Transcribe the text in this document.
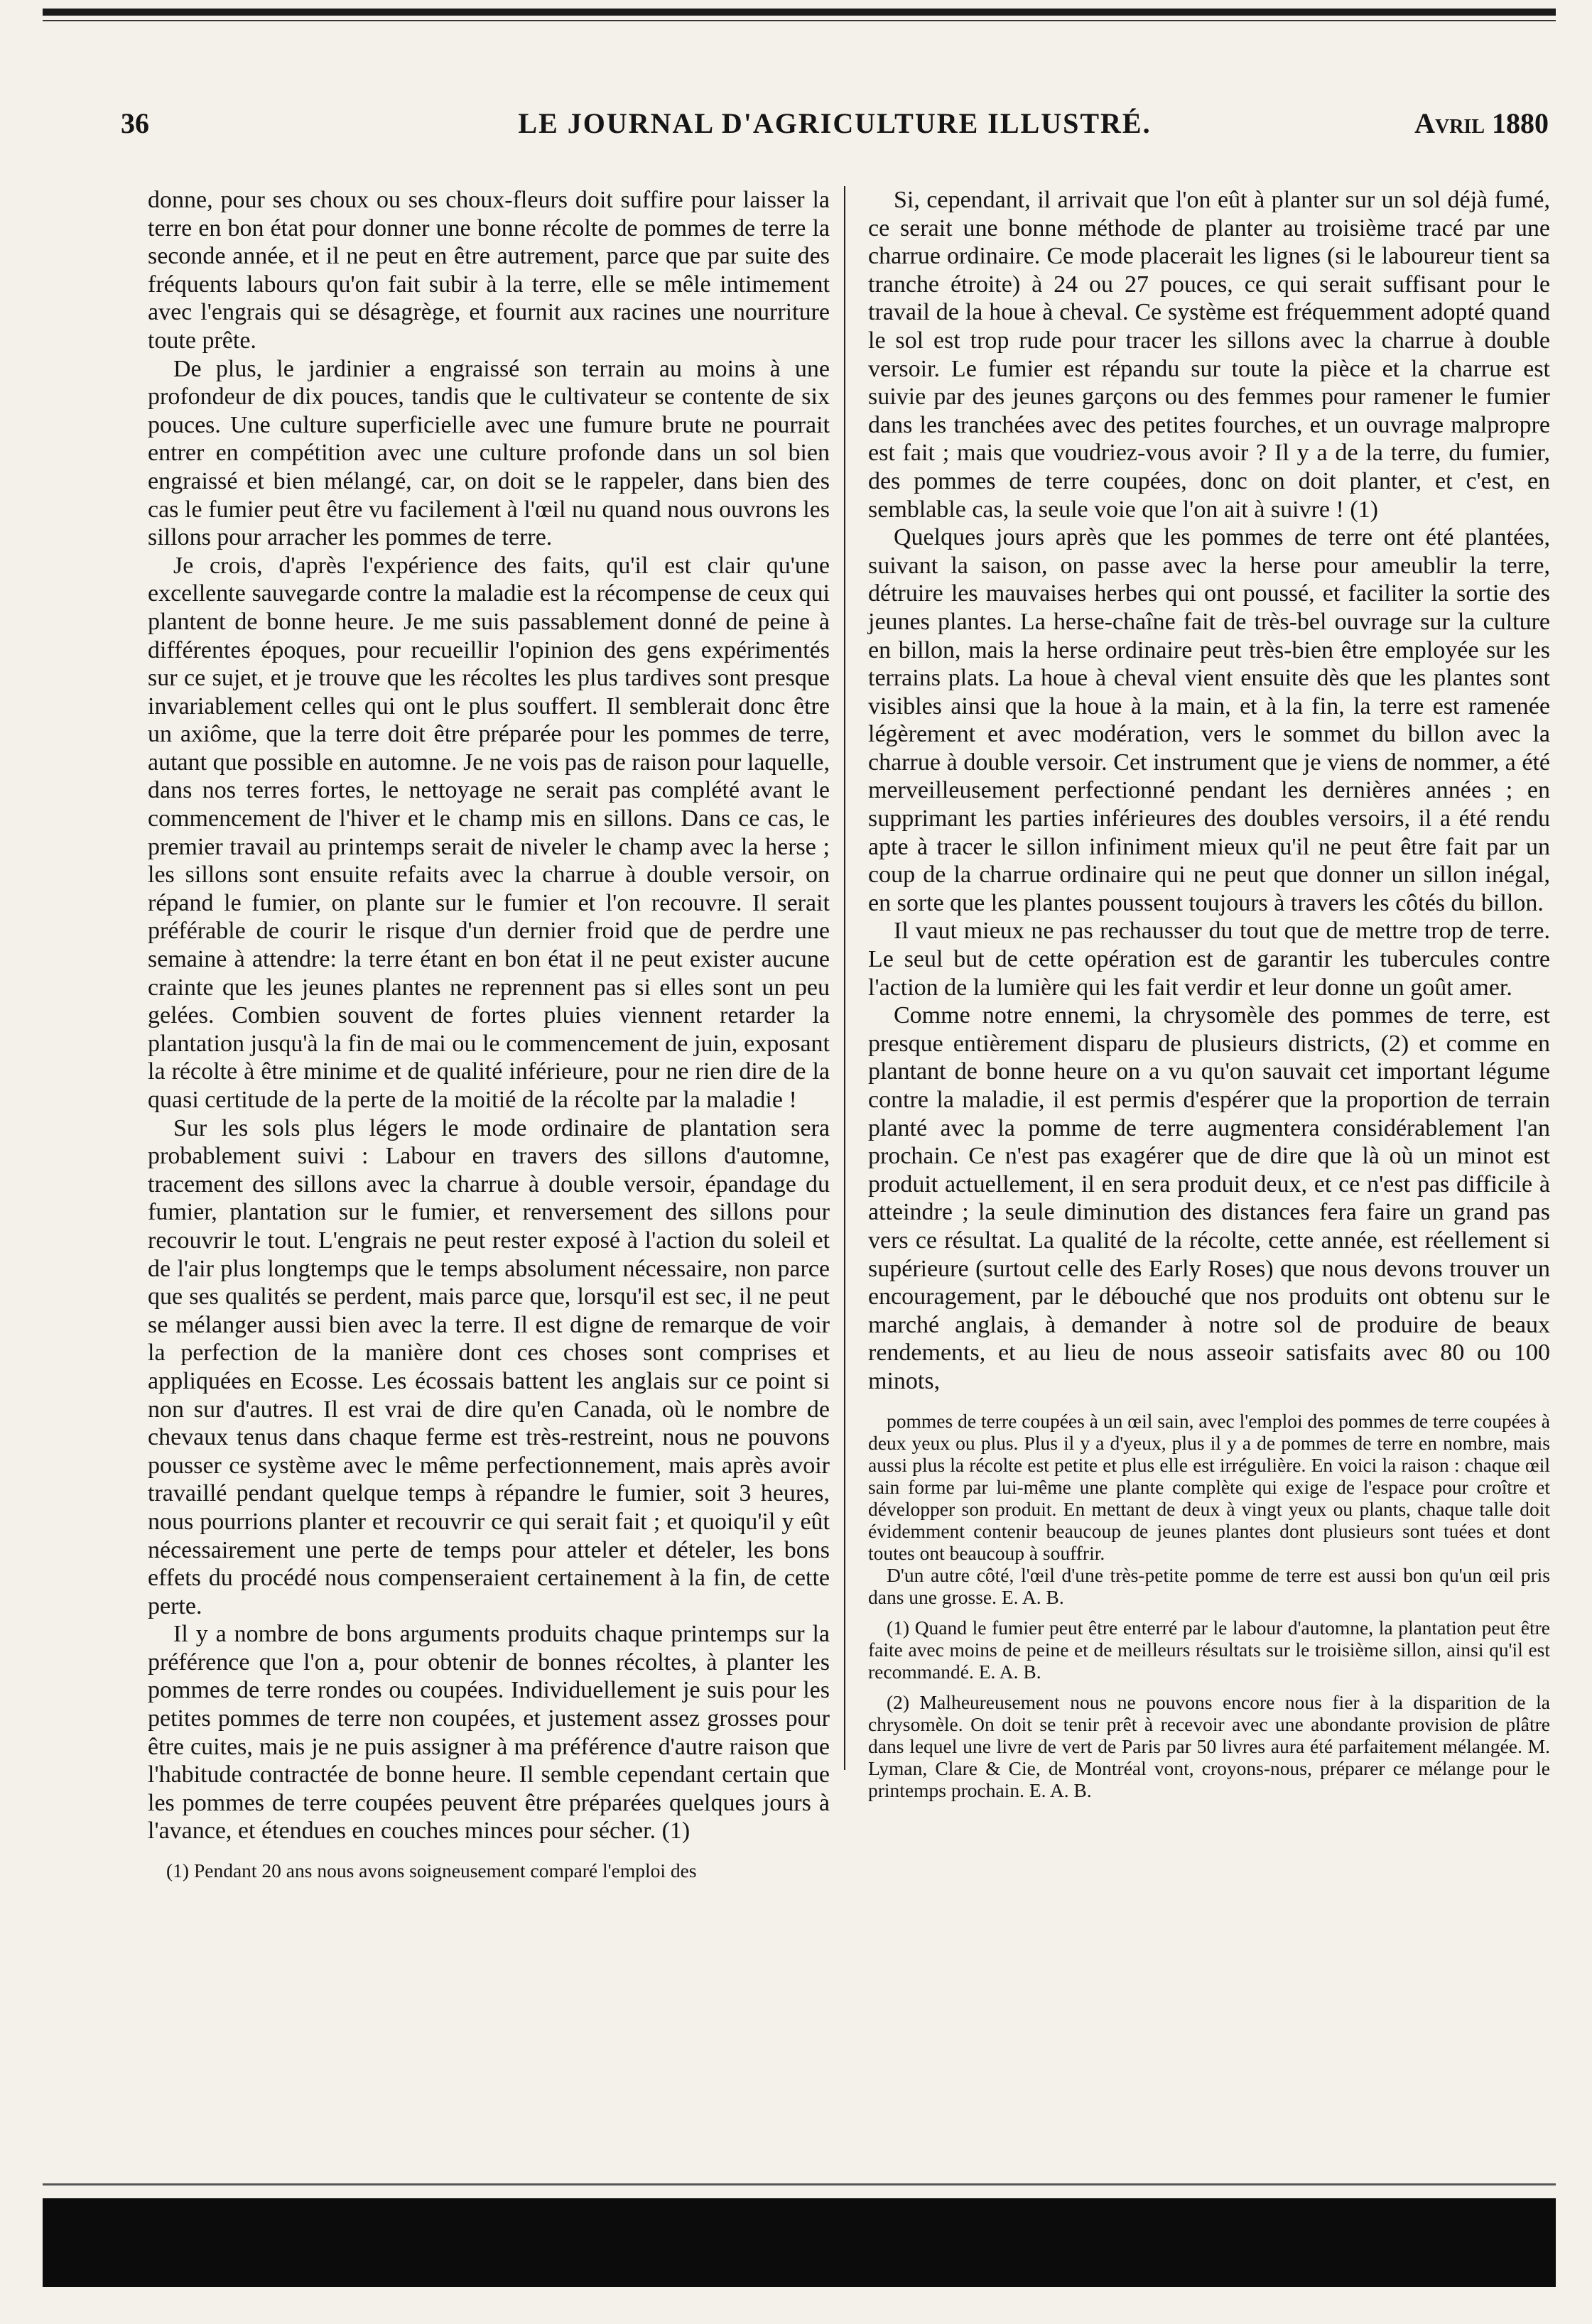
36	LE JOURNAL D'AGRICULTURE ILLUSTRÉ.	Avril 1880

donne, pour ses choux ou ses choux-fleurs doit suffire pour laisser la terre en bon état pour donner une bonne récolte de pommes de terre la seconde année, et il ne peut en être autrement, parce que par suite des fréquents labours qu'on fait subir à la terre, elle se mêle intimement avec l'engrais qui se désagrège, et fournit aux racines une nourriture toute prête.

De plus, le jardinier a engraissé son terrain au moins à une profondeur de dix pouces, tandis que le cultivateur se contente de six pouces. Une culture superficielle avec une fumure brute ne pourrait entrer en compétition avec une culture profonde dans un sol bien engraissé et bien mélangé, car, on doit se le rappeler, dans bien des cas le fumier peut être vu facilement à l'œil nu quand nous ouvrons les sillons pour arracher les pommes de terre.

Je crois, d'après l'expérience des faits, qu'il est clair qu'une excellente sauvegarde contre la maladie est la récompense de ceux qui plantent de bonne heure. Je me suis passablement donné de peine à différentes époques, pour recueillir l'opinion des gens expérimentés sur ce sujet, et je trouve que les récoltes les plus tardives sont presque invariablement celles qui ont le plus souffert. Il semblerait donc être un axiôme, que la terre doit être préparée pour les pommes de terre, autant que possible en automne. Je ne vois pas de raison pour laquelle, dans nos terres fortes, le nettoyage ne serait pas complété avant le commencement de l'hiver et le champ mis en sillons. Dans ce cas, le premier travail au printemps serait de niveler le champ avec la herse ; les sillons sont ensuite refaits avec la charrue à double versoir, on répand le fumier, on plante sur le fumier et l'on recouvre. Il serait préférable de courir le risque d'un dernier froid que de perdre une semaine à attendre: la terre étant en bon état il ne peut exister aucune crainte que les jeunes plantes ne reprennent pas si elles sont un peu gelées. Combien souvent de fortes pluies viennent retarder la plantation jusqu'à la fin de mai ou le commencement de juin, exposant la récolte à être minime et de qualité inférieure, pour ne rien dire de la quasi certitude de la perte de la moitié de la récolte par la maladie !

Sur les sols plus légers le mode ordinaire de plantation sera probablement suivi : Labour en travers des sillons d'automne, tracement des sillons avec la charrue à double versoir, épandage du fumier, plantation sur le fumier, et renversement des sillons pour recouvrir le tout. L'engrais ne peut rester exposé à l'action du soleil et de l'air plus longtemps que le temps absolument nécessaire, non parce que ses qualités se perdent, mais parce que, lorsqu'il est sec, il ne peut se mélanger aussi bien avec la terre. Il est digne de remarque de voir la perfection de la manière dont ces choses sont comprises et appliquées en Ecosse. Les écossais battent les anglais sur ce point si non sur d'autres. Il est vrai de dire qu'en Canada, où le nombre de chevaux tenus dans chaque ferme est très-restreint, nous ne pouvons pousser ce système avec le même perfectionnement, mais après avoir travaillé pendant quelque temps à répandre le fumier, soit 3 heures, nous pourrions planter et recouvrir ce qui serait fait ; et quoiqu'il y eût nécessairement une perte de temps pour atteler et dételer, les bons effets du procédé nous compenseraient certainement à la fin, de cette perte.

Il y a nombre de bons arguments produits chaque printemps sur la préférence que l'on a, pour obtenir de bonnes récoltes, à planter les pommes de terre rondes ou coupées. Individuellement je suis pour les petites pommes de terre non coupées, et justement assez grosses pour être cuites, mais je ne puis assigner à ma préférence d'autre raison que l'habitude contractée de bonne heure. Il semble cependant certain que les pommes de terre coupées peuvent être préparées quelques jours à l'avance, et étendues en couches minces pour sécher. (1)

(1) Pendant 20 ans nous avons soigneusement comparé l'emploi des

Si, cependant, il arrivait que l'on eût à planter sur un sol déjà fumé, ce serait une bonne méthode de planter au troisième tracé par une charrue ordinaire. Ce mode placerait les lignes (si le laboureur tient sa tranche étroite) à 24 ou 27 pouces, ce qui serait suffisant pour le travail de la houe à cheval. Ce système est fréquemment adopté quand le sol est trop rude pour tracer les sillons avec la charrue à double versoir. Le fumier est répandu sur toute la pièce et la charrue est suivie par des jeunes garçons ou des femmes pour ramener le fumier dans les tranchées avec des petites fourches, et un ouvrage malpropre est fait ; mais que voudriez-vous avoir ? Il y a de la terre, du fumier, des pommes de terre coupées, donc on doit planter, et c'est, en semblable cas, la seule voie que l'on ait à suivre ! (1)

Quelques jours après que les pommes de terre ont été plantées, suivant la saison, on passe avec la herse pour ameublir la terre, détruire les mauvaises herbes qui ont poussé, et faciliter la sortie des jeunes plantes. La herse-chaîne fait de très-bel ouvrage sur la culture en billon, mais la herse ordinaire peut très-bien être employée sur les terrains plats. La houe à cheval vient ensuite dès que les plantes sont visibles ainsi que la houe à la main, et à la fin, la terre est ramenée légèrement et avec modération, vers le sommet du billon avec la charrue à double versoir. Cet instrument que je viens de nommer, a été merveilleusement perfectionné pendant les dernières années ; en supprimant les parties inférieures des doubles versoirs, il a été rendu apte à tracer le sillon infiniment mieux qu'il ne peut être fait par un coup de la charrue ordinaire qui ne peut que donner un sillon inégal, en sorte que les plantes poussent toujours à travers les côtés du billon.

Il vaut mieux ne pas rechausser du tout que de mettre trop de terre. Le seul but de cette opération est de garantir les tubercules contre l'action de la lumière qui les fait verdir et leur donne un goût amer.

Comme notre ennemi, la chrysomèle des pommes de terre, est presque entièrement disparu de plusieurs districts, (2) et comme en plantant de bonne heure on a vu qu'on sauvait cet important légume contre la maladie, il est permis d'espérer que la proportion de terrain planté avec la pomme de terre augmentera considérablement l'an prochain. Ce n'est pas exagérer que de dire que là où un minot est produit actuellement, il en sera produit deux, et ce n'est pas difficile à atteindre ; la seule diminution des distances fera faire un grand pas vers ce résultat. La qualité de la récolte, cette année, est réellement si supérieure (surtout celle des Early Roses) que nous devons trouver un encouragement, par le débouché que nos produits ont obtenu sur le marché anglais, à demander à notre sol de produire de beaux rendements, et au lieu de nous asseoir satisfaits avec 80 ou 100 minots,

pommes de terre coupées à un œil sain, avec l'emploi des pommes de terre coupées à deux yeux ou plus. Plus il y a d'yeux, plus il y a de pommes de terre en nombre, mais aussi plus la récolte est petite et plus elle est irrégulière. En voici la raison : chaque œil sain forme par lui-même une plante complète qui exige de l'espace pour croître et développer son produit. En mettant de deux à vingt yeux ou plants, chaque talle doit évidemment contenir beaucoup de jeunes plantes dont plusieurs sont tuées et dont toutes ont beaucoup à souffrir.

D'un autre côté, l'œil d'une très-petite pomme de terre est aussi bon qu'un œil pris dans une grosse. E. A. B.

(1) Quand le fumier peut être enterré par le labour d'automne, la plantation peut être faite avec moins de peine et de meilleurs résultats sur le troisième sillon, ainsi qu'il est recommandé. E. A. B.

(2) Malheureusement nous ne pouvons encore nous fier à la disparition de la chrysomèle. On doit se tenir prêt à recevoir avec une abondante provision de plâtre dans lequel une livre de vert de Paris par 50 livres aura été parfaitement mélangée. M. Lyman, Clare & Cie, de Montréal vont, croyons-nous, préparer ce mélange pour le printemps prochain. E. A. B.
